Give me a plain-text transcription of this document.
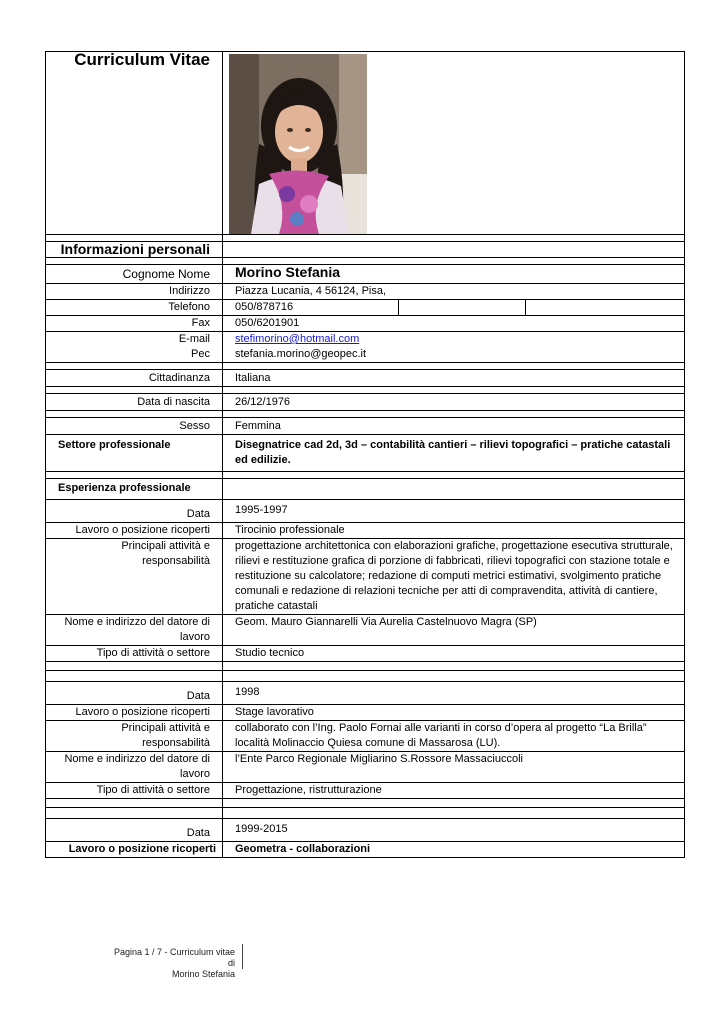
Curriculum Vitae	

Informazioni personali	

Cognome Nome	Morino Stefania
Indirizzo	Piazza Lucania, 4 56124, Pisa,
Telefono	050/878716

Fax	050/6201901
E-mail	stefimorino@hotmail.com
Pec	stefania.morino@geopec.it

Cittadinanza	Italiana

Data di nascita	26/12/1976

Sesso	Femmina
Settore professionale	Disegnatrice cad 2d, 3d – contabilità cantieri – rilievi topografici – pratiche catastali ed edilizie.

Esperienza professionale	
Data	1995-1997
Lavoro o posizione ricoperti	Tirocinio professionale
Principali attività e responsabilità	progettazione architettonica con elaborazioni grafiche, progettazione esecutiva strutturale, rilievi e restituzione grafica di porzione di fabbricati, rilievi topografici con stazione totale e restituzione su calcolatore; redazione di computi metrici estimativi, svolgimento pratiche comunali e redazione di relazioni tecniche per atti di compravendita, attività di cantiere, pratiche catastali
Nome e indirizzo del datore di lavoro	Geom. Mauro Giannarelli Via Aurelia Castelnuovo Magra (SP)
Tipo di attività o settore	Studio tecnico

Data	1998
Lavoro o posizione ricoperti	Stage lavorativo
Principali attività e responsabilità	collaborato con l’Ing. Paolo Fornai alle varianti in corso d’opera al progetto “La Brilla” località Molinaccio Quiesa comune di Massarosa (LU).
Nome e indirizzo del datore di lavoro	l’Ente Parco Regionale Migliarino S.Rossore Massaciuccoli
Tipo di attività o settore	Progettazione, ristrutturazione

Data	1999-2015
Lavoro o posizione ricoperti	Geometra - collaborazioni
Pagina 1 / 7 - Curriculum vitae di
Morino Stefania
